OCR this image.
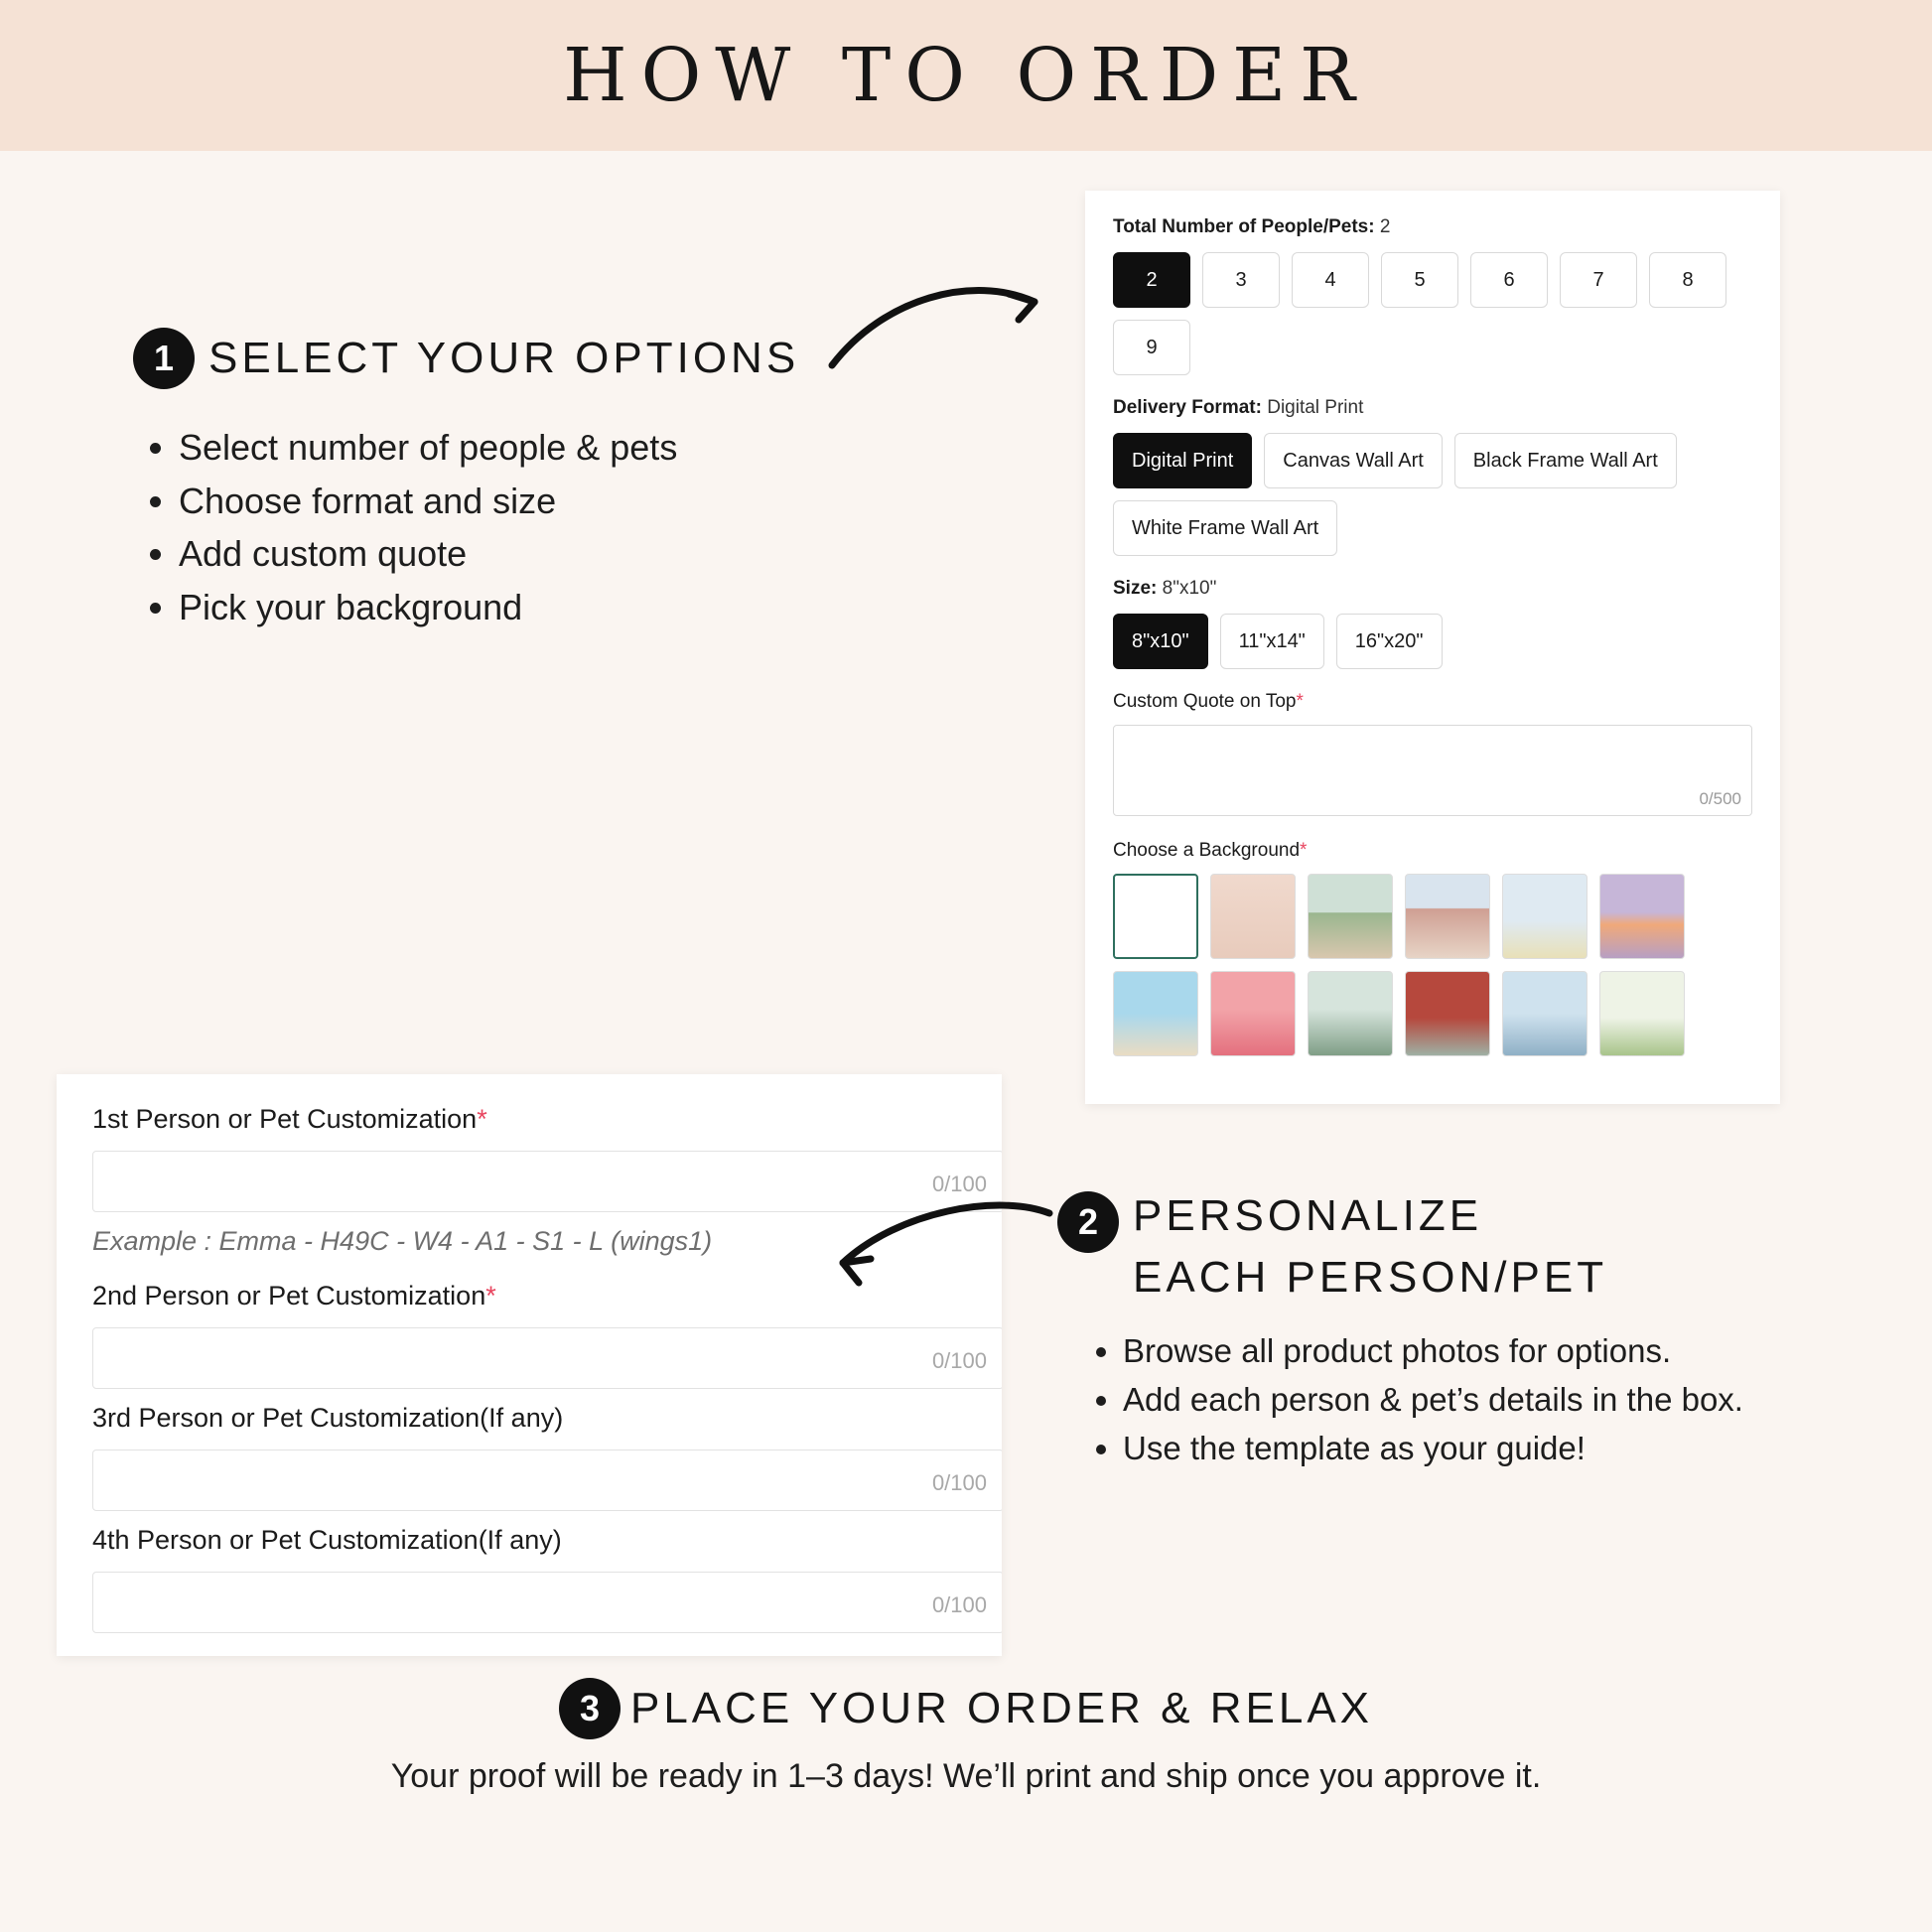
HOW TO ORDER
1 SELECT YOUR OPTIONS
• Select number of people & pets
• Choose format and size
• Add custom quote
• Pick your background
Total Number of People/Pets: 2
2	3	4	5	6	7	8
9
Delivery Format: Digital Print
Digital Print	Canvas Wall Art	Black Frame Wall Art
White Frame Wall Art
Size: 8"x10"
8"x10"	11"x14"	16"x20"
Custom Quote on Top*
0/500
Choose a Background*
1st Person or Pet Customization*
0/100
Example : Emma - H49C - W4 - A1 - S1 - L (wings1)
2nd Person or Pet Customization*
0/100
3rd Person or Pet Customization(If any)
0/100
4th Person or Pet Customization(If any)
0/100
2 PERSONALIZE
EACH PERSON/PET
• Browse all product photos for options.
• Add each person & pet’s details in the box.
• Use the template as your guide!
3 PLACE YOUR ORDER & RELAX
Your proof will be ready in 1–3 days! We’ll print and ship once you approve it.
